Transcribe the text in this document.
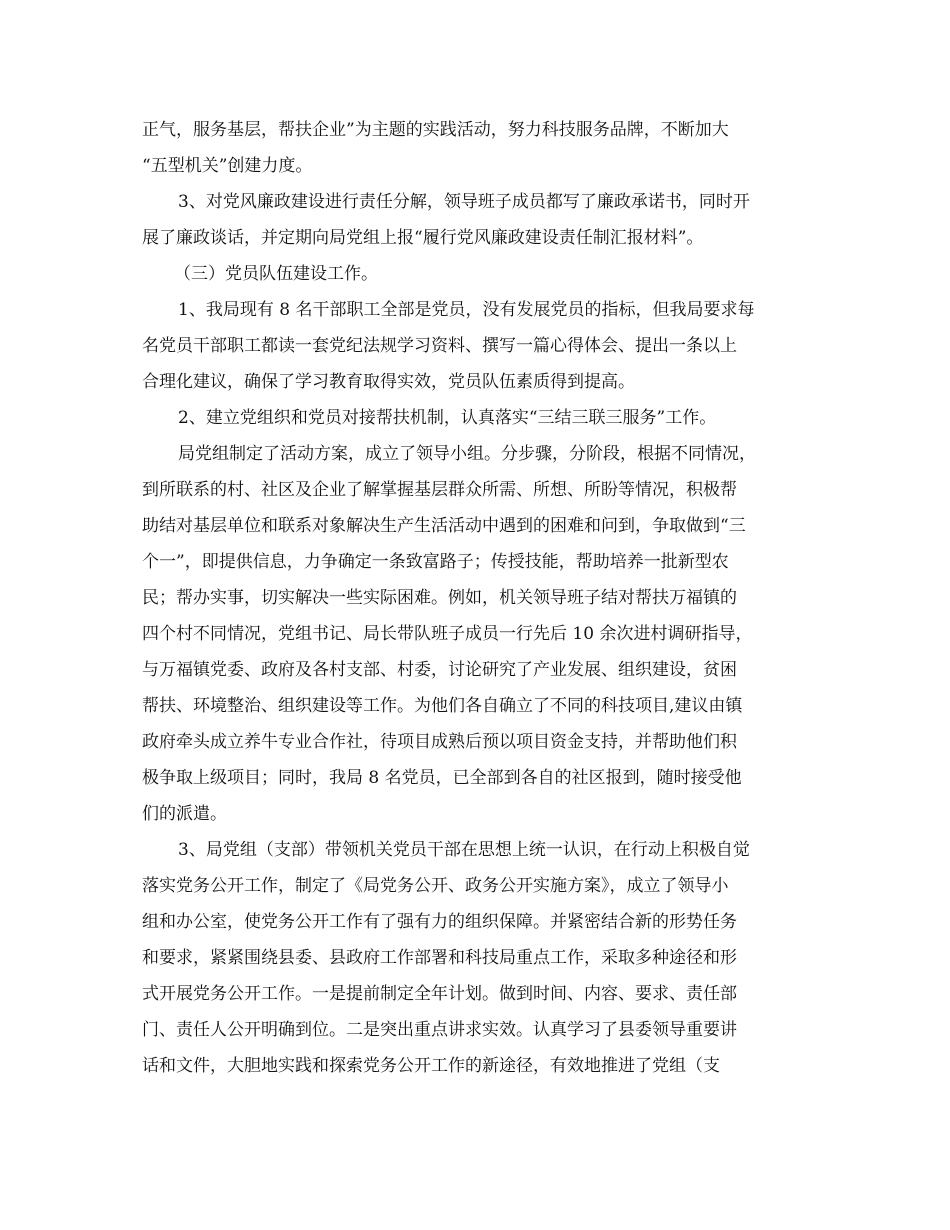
正气，服务基层，帮扶企业”为主题的实践活动，努力科技服务品牌，不断加大
“五型机关”创建力度。
3、对党风廉政建设进行责任分解，领导班子成员都写了廉政承诺书，同时开
展了廉政谈话，并定期向局党组上报“履行党风廉政建设责任制汇报材料”。
（三）党员队伍建设工作。
1、我局现有 8 名干部职工全部是党员，没有发展党员的指标，但我局要求每
名党员干部职工都读一套党纪法规学习资料、撰写一篇心得体会、提出一条以上
合理化建议，确保了学习教育取得实效，党员队伍素质得到提高。
2、建立党组织和党员对接帮扶机制，认真落实“三结三联三服务”工作。
局党组制定了活动方案，成立了领导小组。分步骤，分阶段，根据不同情况，
到所联系的村、社区及企业了解掌握基层群众所需、所想、所盼等情况，积极帮
助结对基层单位和联系对象解决生产生活活动中遇到的困难和问到，争取做到“三
个一”，即提供信息，力争确定一条致富路子；传授技能，帮助培养一批新型农
民；帮办实事，切实解决一些实际困难。例如，机关领导班子结对帮扶万福镇的
四个村不同情况，党组书记、局长带队班子成员一行先后 10 余次进村调研指导，
与万福镇党委、政府及各村支部、村委，讨论研究了产业发展、组织建设，贫困
帮扶、环境整治、组织建设等工作。为他们各自确立了不同的科技项目,建议由镇
政府牵头成立养牛专业合作社，待项目成熟后预以项目资金支持，并帮助他们积
极争取上级项目；同时，我局 8 名党员，已全部到各自的社区报到，随时接受他
们的派遣。
3、局党组（支部）带领机关党员干部在思想上统一认识，在行动上积极自觉
落实党务公开工作，制定了《局党务公开、政务公开实施方案》，成立了领导小
组和办公室，使党务公开工作有了强有力的组织保障。并紧密结合新的形势任务
和要求，紧紧围绕县委、县政府工作部署和科技局重点工作，采取多种途径和形
式开展党务公开工作。一是提前制定全年计划。做到时间、内容、要求、责任部
门、责任人公开明确到位。二是突出重点讲求实效。认真学习了县委领导重要讲
话和文件，大胆地实践和探索党务公开工作的新途径，有效地推进了党组（支
